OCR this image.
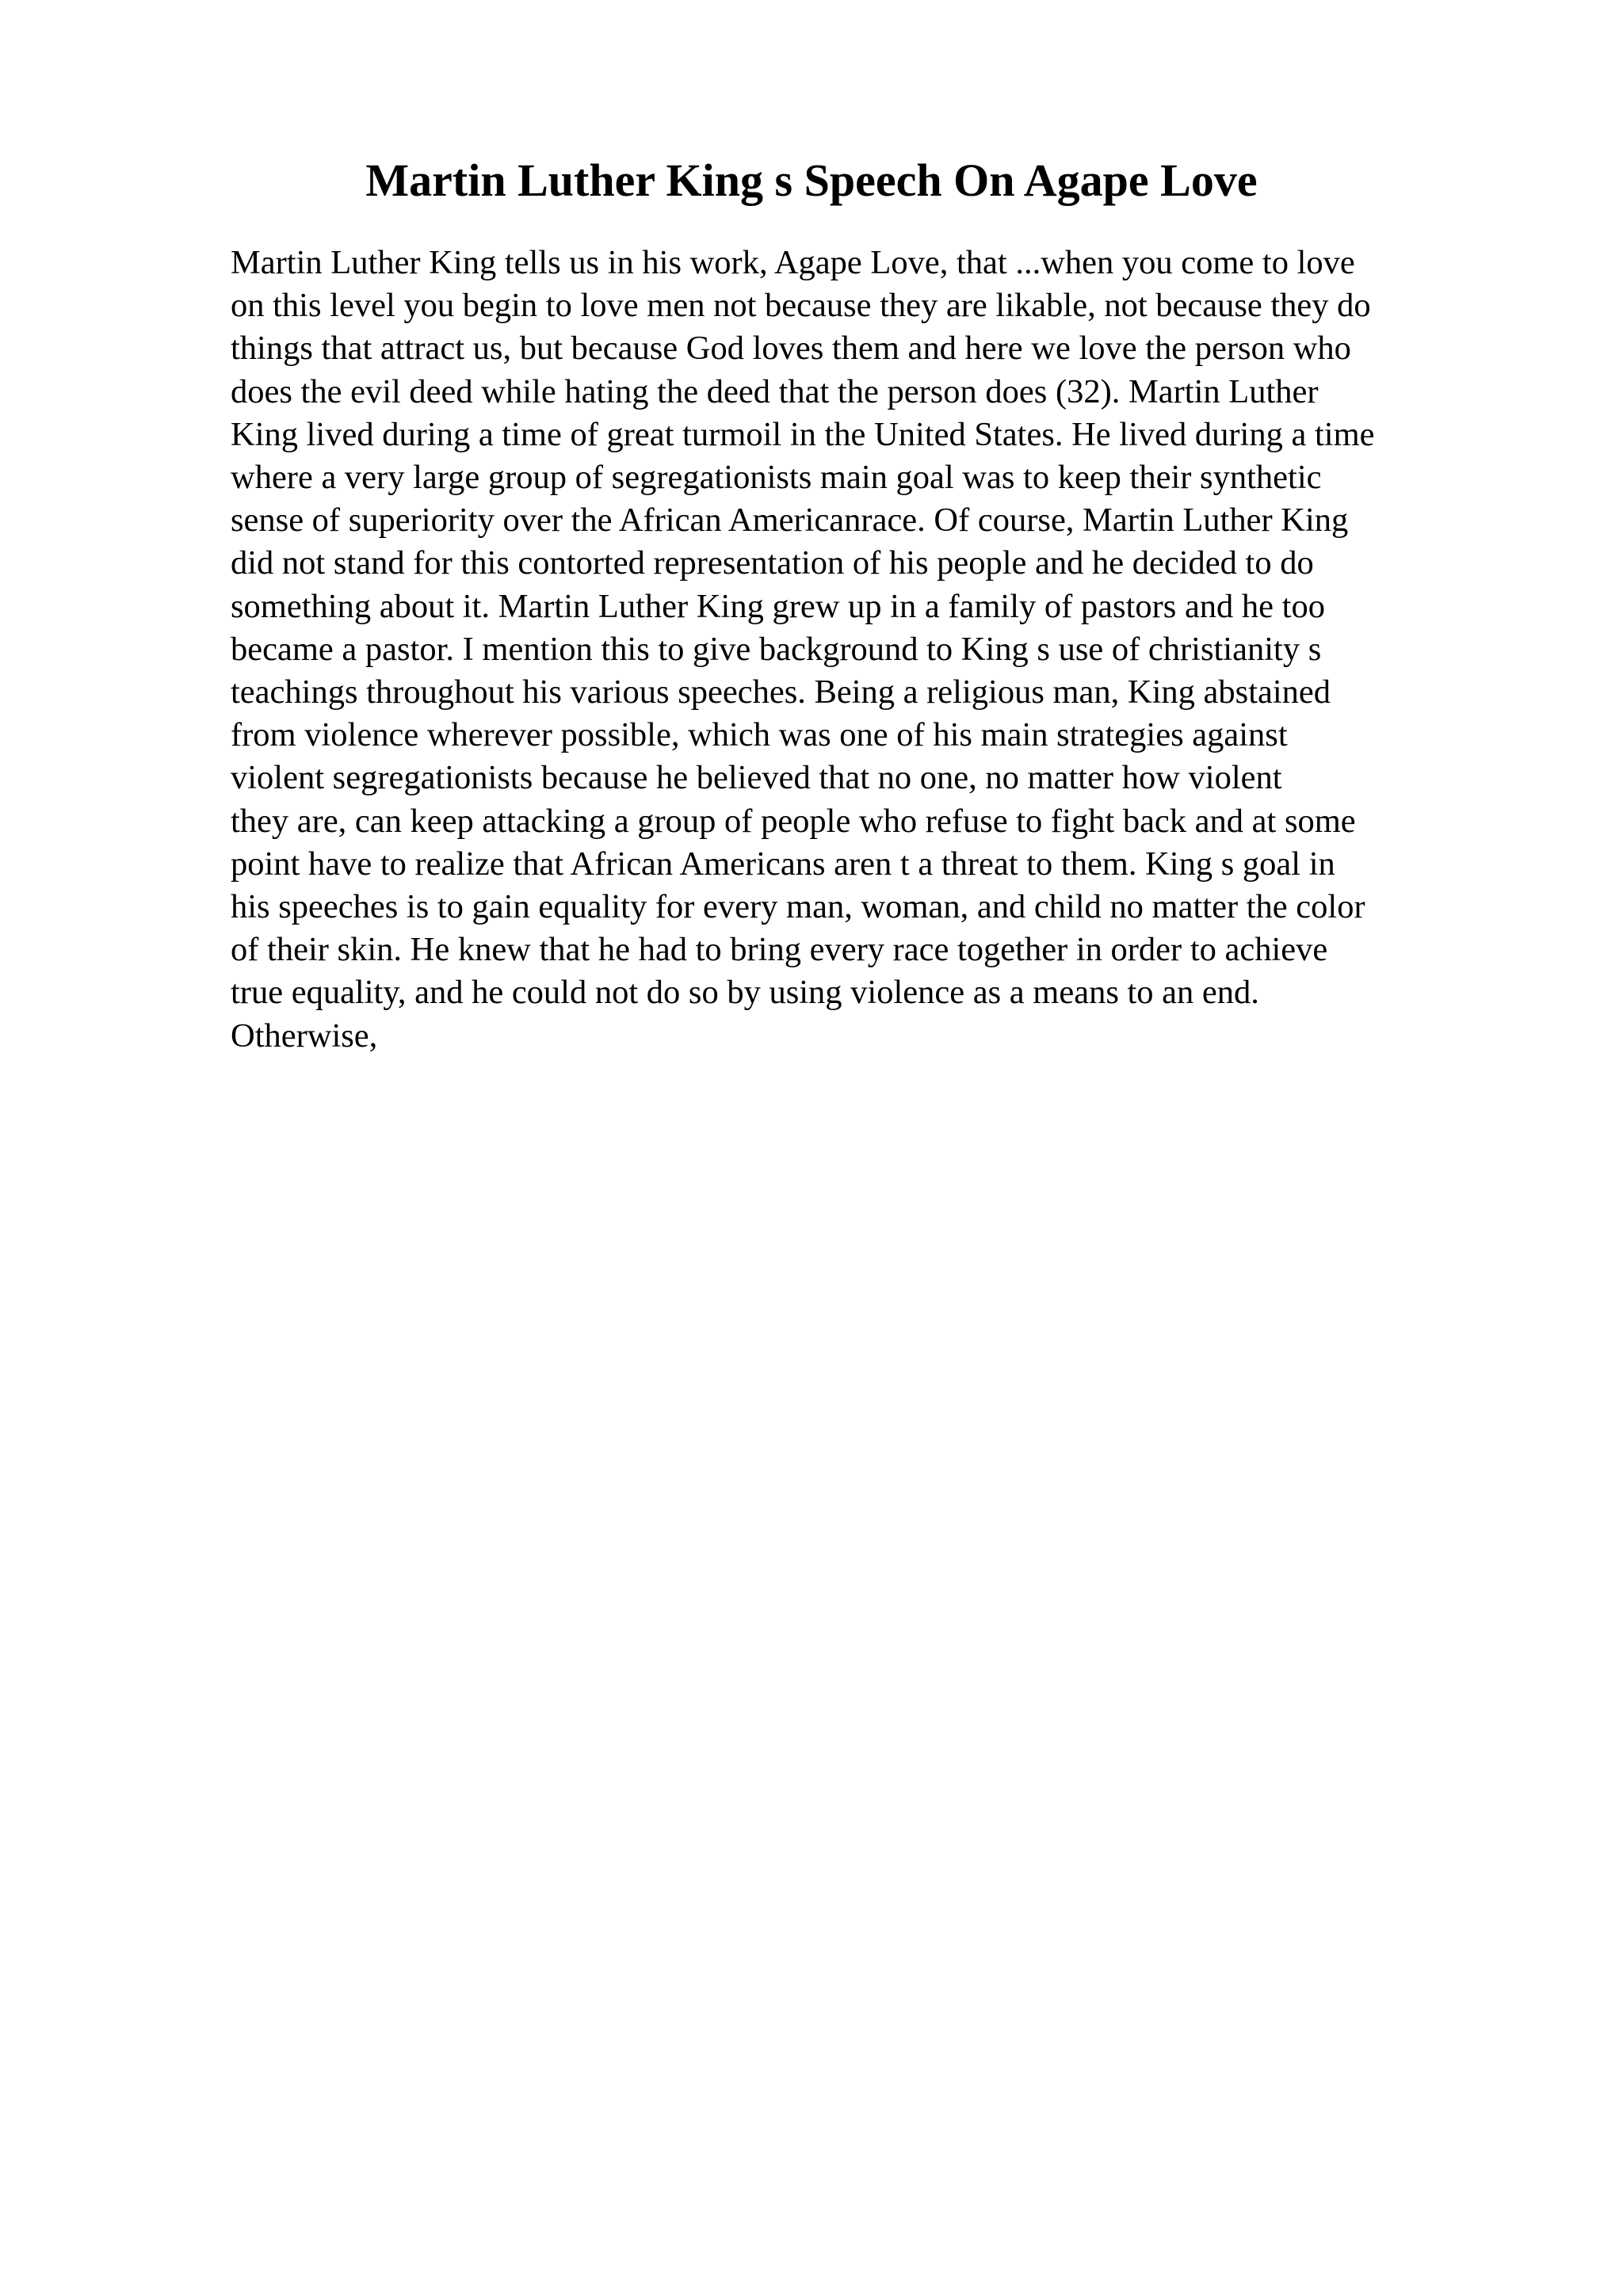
Martin Luther King s Speech On Agape Love
Martin Luther King tells us in his work, Agape Love, that ...when you come to love
on this level you begin to love men not because they are likable, not because they do
things that attract us, but because God loves them and here we love the person who
does the evil deed while hating the deed that the person does (32). Martin Luther
King lived during a time of great turmoil in the United States. He lived during a time
where a very large group of segregationists main goal was to keep their synthetic
sense of superiority over the African Americanrace. Of course, Martin Luther King
did not stand for this contorted representation of his people and he decided to do
something about it. Martin Luther King grew up in a family of pastors and he too
became a pastor. I mention this to give background to King s use of christianity s
teachings throughout his various speeches. Being a religious man, King abstained
from violence wherever possible, which was one of his main strategies against
violent segregationists because he believed that no one, no matter how violent
they are, can keep attacking a group of people who refuse to fight back and at some
point have to realize that African Americans aren t a threat to them. King s goal in
his speeches is to gain equality for every man, woman, and child no matter the color
of their skin. He knew that he had to bring every race together in order to achieve
true equality, and he could not do so by using violence as a means to an end.
Otherwise,
